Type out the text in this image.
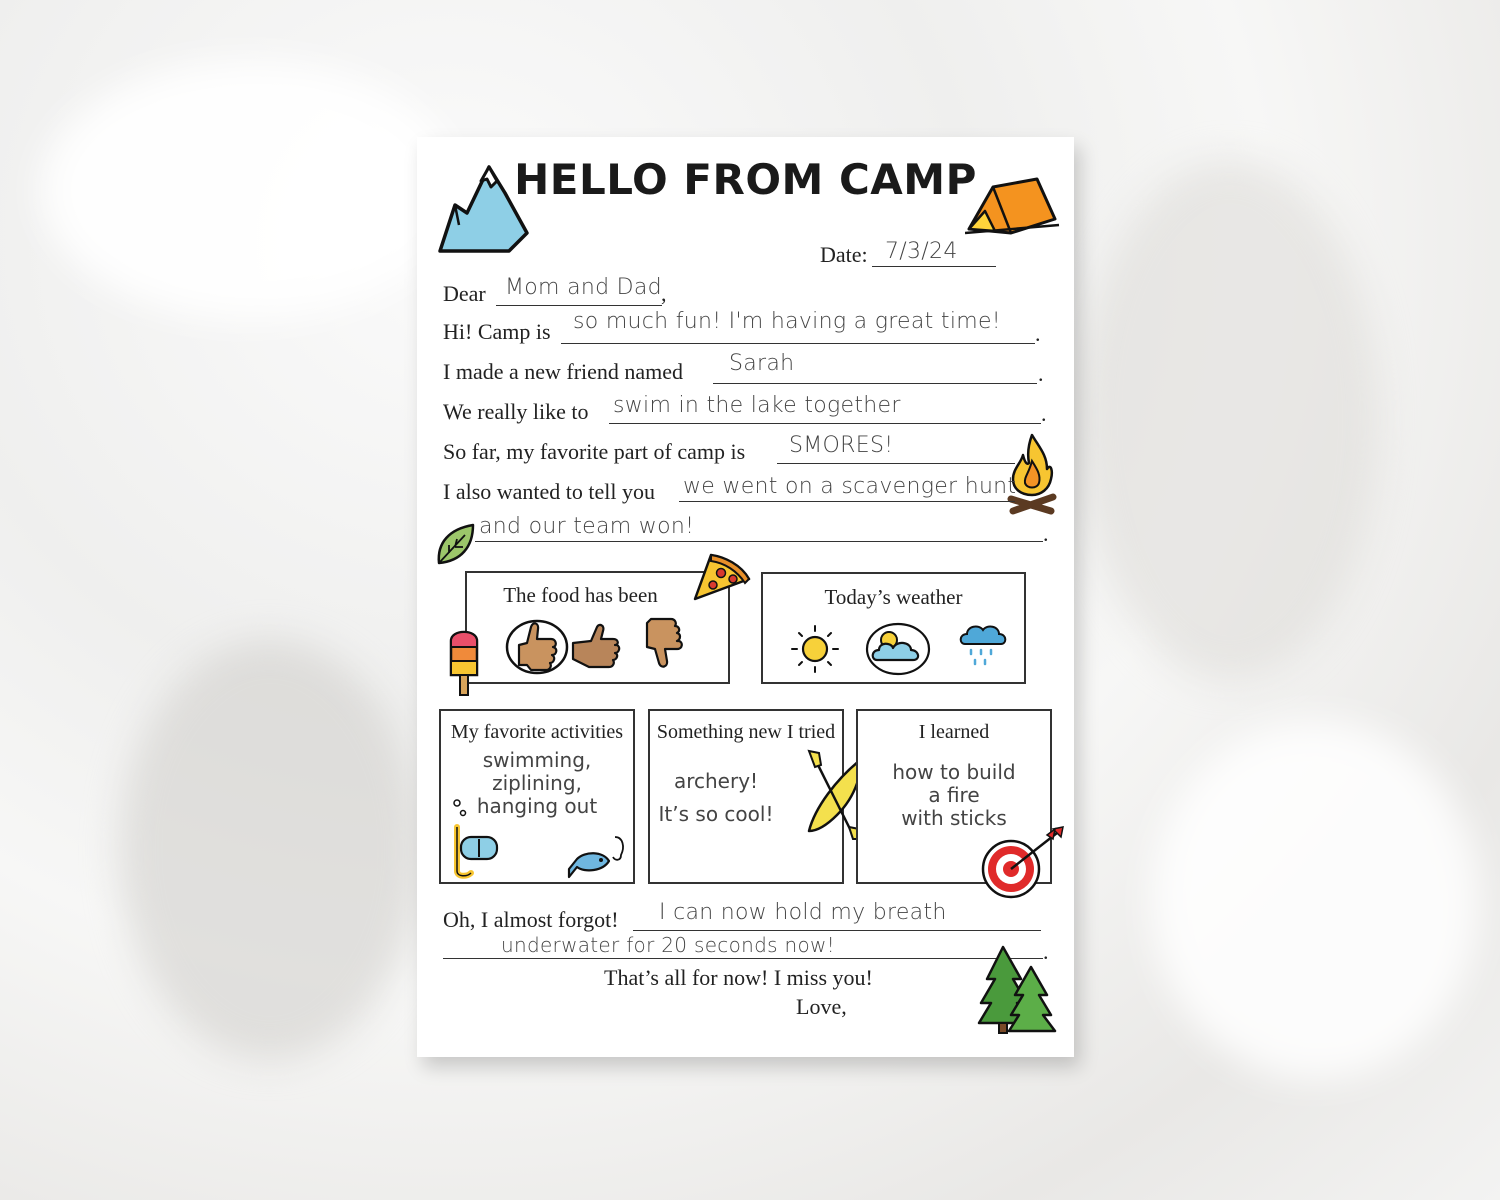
HELLO FROM CAMP
Date: 7/3/24
Dear Mom and Dad ,
Hi! Camp is so much fun! I'm having a great time! .
I made a new friend named Sarah	.
We really like to swim in the lake together	.
So far, my favorite part of camp is SMORES!
I also wanted to tell you we went on a scavenger hunt
and our team won!	.
The food has been	Today’s weather
My favorite activities
swimming,
ziplining,
hanging out
Something new I tried
archery!
It’s so cool!
I learned
how to build
a fire
with sticks
Oh, I almost forgot! I can now hold my breath
underwater for 20 seconds now!	.
That’s all for now! I miss you!
Love,
